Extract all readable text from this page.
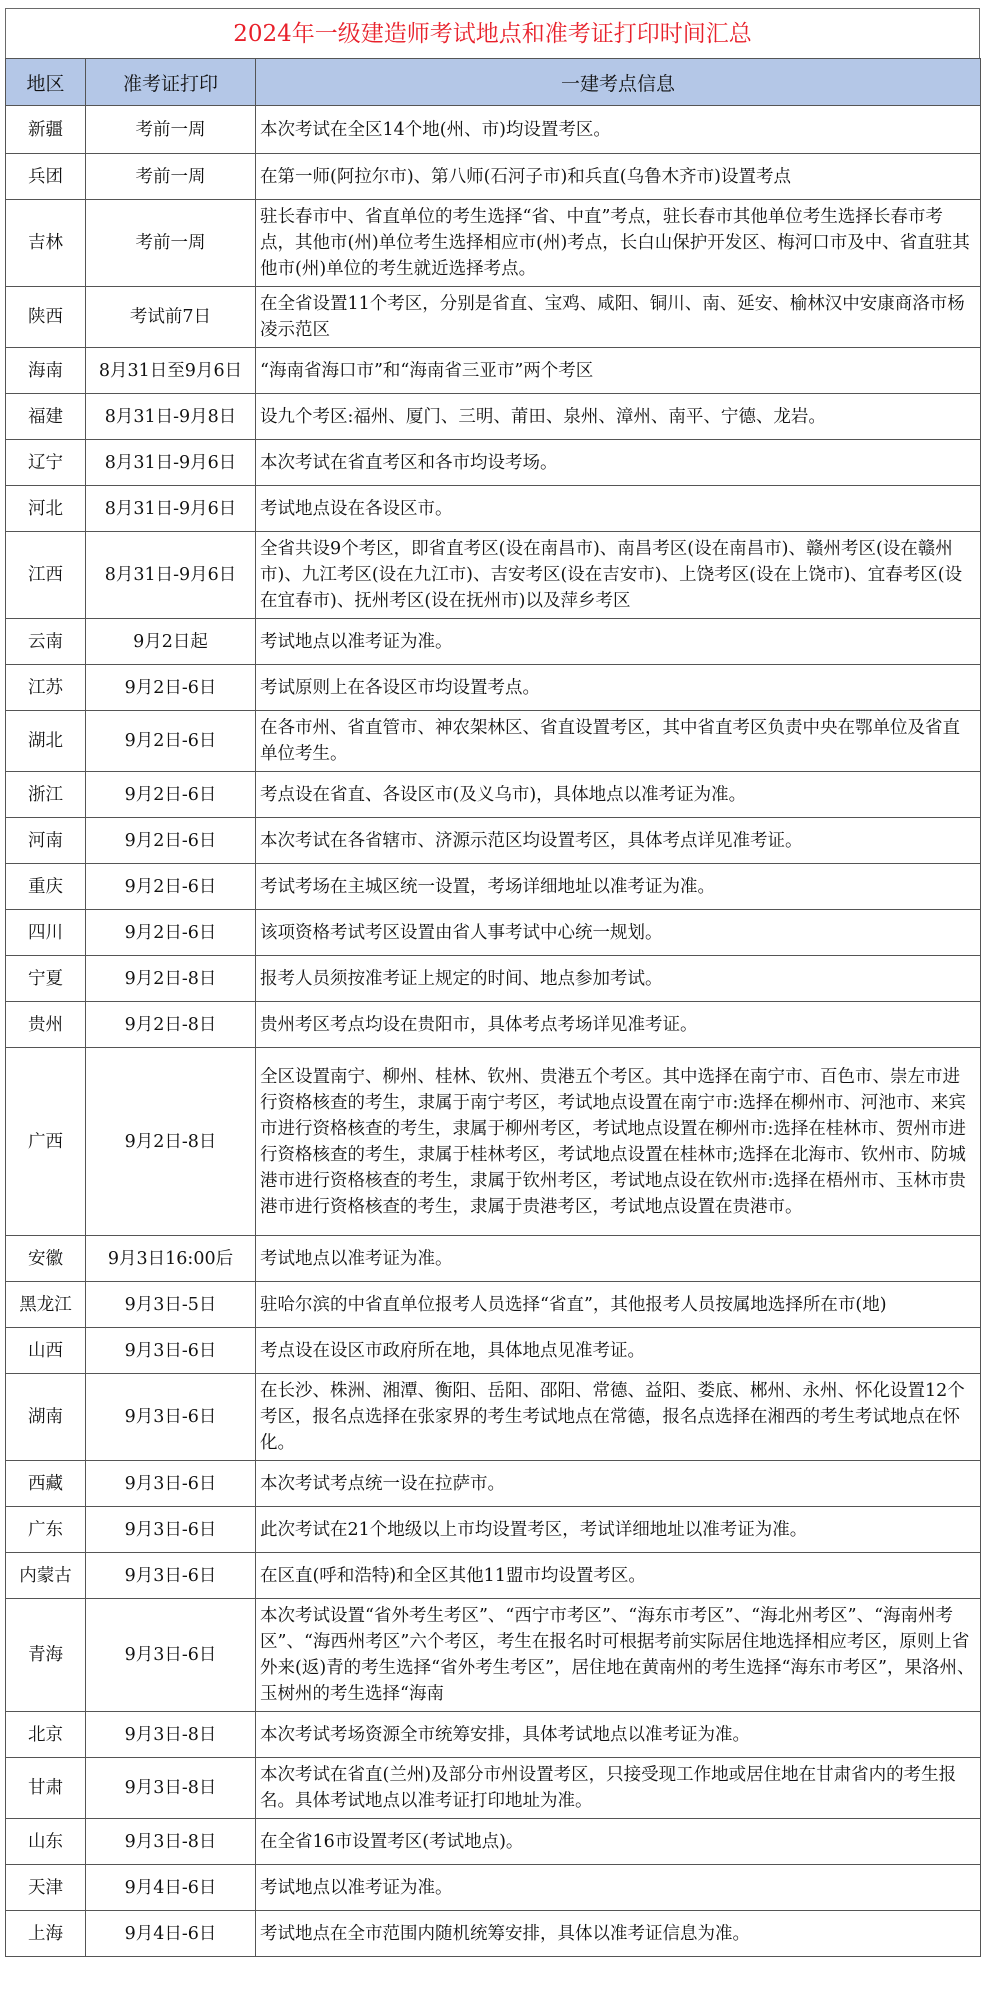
2024年一级建造师考试地点和准考证打印时间汇总
地区	准考证打印	一建考点信息
新疆	考前一周	本次考试在全区14个地(州、市)均设置考区。
兵团	考前一周	在第一师(阿拉尔市)、第八师(石河子市)和兵直(乌鲁木齐市)设置考点
吉林	考前一周	驻长春市中、省直单位的考生选择“省、中直”考点，驻长春市其他单位考生选择长春市考点，其他市(州)单位考生选择相应市(州)考点，长白山保护开发区、梅河口市及中、省直驻其他市(州)单位的考生就近选择考点。
陕西	考试前7日	在全省设置11个考区，分别是省直、宝鸡、咸阳、铜川、南、延安、榆林汉中安康商洛市杨凌示范区
海南	8月31日至9月6日	“海南省海口市”和“海南省三亚市”两个考区
福建	8月31日-9月8日	设九个考区:福州、厦门、三明、莆田、泉州、漳州、南平、宁德、龙岩。
辽宁	8月31日-9月6日	本次考试在省直考区和各市均设考场。
河北	8月31日-9月6日	考试地点设在各设区市。
江西	8月31日-9月6日	全省共设9个考区，即省直考区(设在南昌市)、南昌考区(设在南昌市)、赣州考区(设在赣州市)、九江考区(设在九江市)、吉安考区(设在吉安市)、上饶考区(设在上饶市)、宜春考区(设在宜春市)、抚州考区(设在抚州市)以及萍乡考区
云南	9月2日起	考试地点以准考证为准。
江苏	9月2日-6日	考试原则上在各设区市均设置考点。
湖北	9月2日-6日	在各市州、省直管市、神农架林区、省直设置考区，其中省直考区负责中央在鄂单位及省直单位考生。
浙江	9月2日-6日	考点设在省直、各设区市(及义乌市)，具体地点以准考证为准。
河南	9月2日-6日	本次考试在各省辖市、济源示范区均设置考区，具体考点详见准考证。
重庆	9月2日-6日	考试考场在主城区统一设置，考场详细地址以准考证为准。
四川	9月2日-6日	该项资格考试考区设置由省人事考试中心统一规划。
宁夏	9月2日-8日	报考人员须按准考证上规定的时间、地点参加考试。
贵州	9月2日-8日	贵州考区考点均设在贵阳市，具体考点考场详见准考证。
广西	9月2日-8日	全区设置南宁、柳州、桂林、钦州、贵港五个考区。其中选择在南宁市、百色市、崇左市进行资格核查的考生，隶属于南宁考区，考试地点设置在南宁市:选择在柳州市、河池市、来宾市进行资格核查的考生，隶属于柳州考区，考试地点设置在柳州市:选择在桂林市、贺州市进行资格核查的考生，隶属于桂林考区，考试地点设置在桂林市;选择在北海市、钦州市、防城港市进行资格核查的考生，隶属于钦州考区，考试地点设在钦州市:选择在梧州市、玉林市贵港市进行资格核查的考生，隶属于贵港考区，考试地点设置在贵港市。
安徽	9月3日16:00后	考试地点以准考证为准。
黑龙江	9月3日-5日	驻哈尔滨的中省直单位报考人员选择“省直”，其他报考人员按属地选择所在市(地)
山西	9月3日-6日	考点设在设区市政府所在地，具体地点见准考证。
湖南	9月3日-6日	在长沙、株洲、湘潭、衡阳、岳阳、邵阳、常德、益阳、娄底、郴州、永州、怀化设置12个考区，报名点选择在张家界的考生考试地点在常德，报名点选择在湘西的考生考试地点在怀化。
西藏	9月3日-6日	本次考试考点统一设在拉萨市。
广东	9月3日-6日	此次考试在21个地级以上市均设置考区，考试详细地址以准考证为准。
内蒙古	9月3日-6日	在区直(呼和浩特)和全区其他11盟市均设置考区。
青海	9月3日-6日	本次考试设置“省外考生考区”、“西宁市考区”、“海东市考区”、“海北州考区”、“海南州考区”、“海西州考区”六个考区，考生在报名时可根据考前实际居住地选择相应考区，原则上省外来(返)青的考生选择“省外考生考区”，居住地在黄南州的考生选择“海东市考区”，果洛州、玉树州的考生选择“海南
北京	9月3日-8日	本次考试考场资源全市统筹安排，具体考试地点以准考证为准。
甘肃	9月3日-8日	本次考试在省直(兰州)及部分市州设置考区，只接受现工作地或居住地在甘肃省内的考生报名。具体考试地点以准考证打印地址为准。
山东	9月3日-8日	在全省16市设置考区(考试地点)。
天津	9月4日-6日	考试地点以准考证为准。
上海	9月4日-6日	考试地点在全市范围内随机统筹安排，具体以准考证信息为准。
